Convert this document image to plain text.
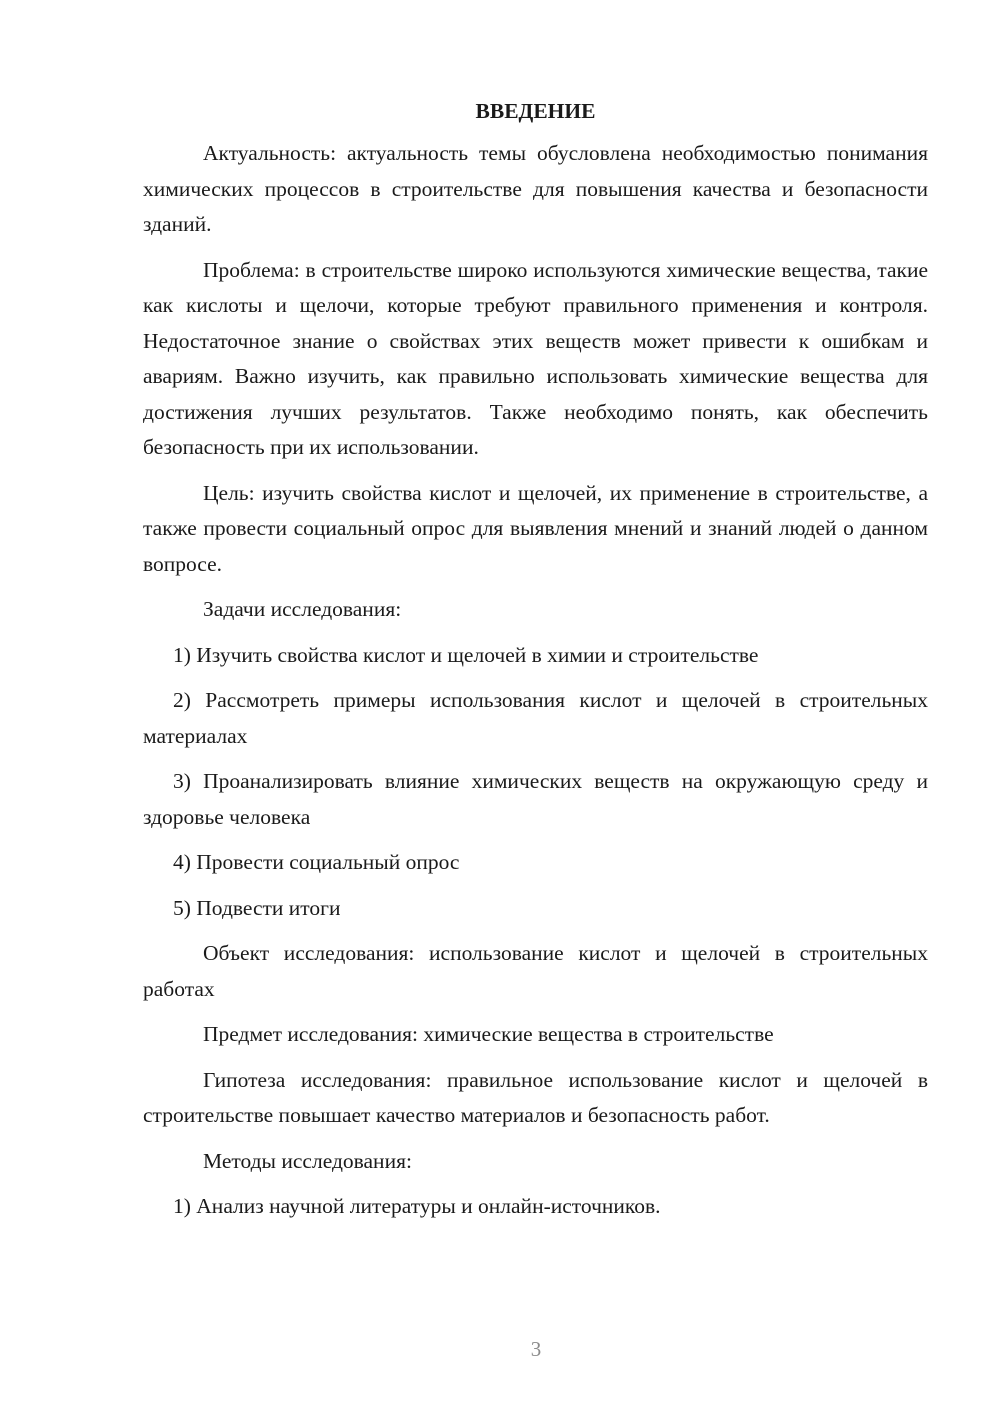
ВВЕДЕНИЕ

Актуальность: актуальность темы обусловлена необходимостью понимания химических процессов в строительстве для повышения качества и безопасности зданий.

Проблема: в строительстве широко используются химические вещества, такие как кислоты и щелочи, которые требуют правильного применения и контроля. Недостаточное знание о свойствах этих веществ может привести к ошибкам и авариям. Важно изучить, как правильно использовать химические вещества для достижения лучших результатов. Также необходимо понять, как обеспечить безопасность при их использовании.

Цель: изучить свойства кислот и щелочей, их применение в строительстве, а также провести социальный опрос для выявления мнений и знаний людей о данном вопросе.

Задачи исследования:

1) Изучить свойства кислот и щелочей в химии и строительстве

2) Рассмотреть примеры использования кислот и щелочей в строительных материалах

3) Проанализировать влияние химических веществ на окружающую среду и здоровье человека

4) Провести социальный опрос

5) Подвести итоги

Объект исследования: использование кислот и щелочей в строительных работах

Предмет исследования: химические вещества в строительстве

Гипотеза исследования: правильное использование кислот и щелочей в строительстве повышает качество материалов и безопасность работ.

Методы исследования:

1) Анализ научной литературы и онлайн-источников.

3
